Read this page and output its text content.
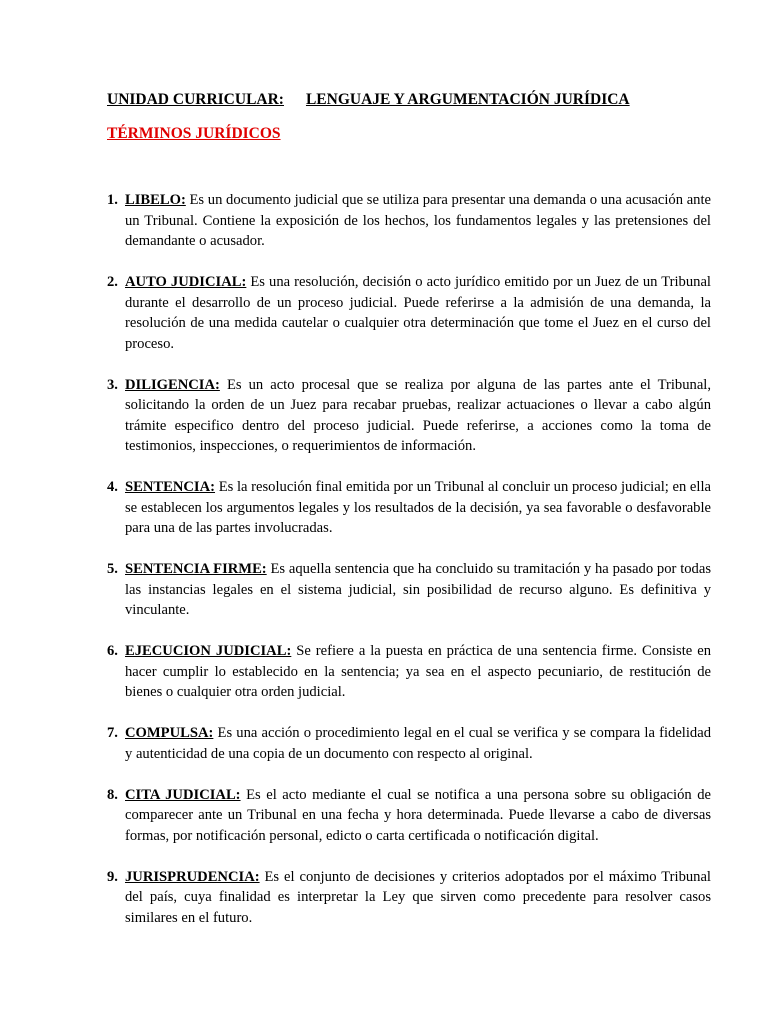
UNIDAD CURRICULAR: LENGUAJE Y ARGUMENTACIÓN JURÍDICA
TÉRMINOS JURÍDICOS
1. LIBELO: Es un documento judicial que se utiliza para presentar una demanda o una acusación ante un Tribunal. Contiene la exposición de los hechos, los fundamentos legales y las pretensiones del demandante o acusador.
2. AUTO JUDICIAL: Es una resolución, decisión o acto jurídico emitido por un Juez de un Tribunal durante el desarrollo de un proceso judicial. Puede referirse a la admisión de una demanda, la resolución de una medida cautelar o cualquier otra determinación que tome el Juez en el curso del proceso.
3. DILIGENCIA: Es un acto procesal que se realiza por alguna de las partes ante el Tribunal, solicitando la orden de un Juez para recabar pruebas, realizar actuaciones o llevar a cabo algún trámite especifico dentro del proceso judicial. Puede referirse, a acciones como la toma de testimonios, inspecciones, o requerimientos de información.
4. SENTENCIA: Es la resolución final emitida por un Tribunal al concluir un proceso judicial; en ella se establecen los argumentos legales y los resultados de la decisión, ya sea favorable o desfavorable para una de las partes involucradas.
5. SENTENCIA FIRME: Es aquella sentencia que ha concluido su tramitación y ha pasado por todas las instancias legales en el sistema judicial, sin posibilidad de recurso alguno. Es definitiva y vinculante.
6. EJECUCION JUDICIAL: Se refiere a la puesta en práctica de una sentencia firme. Consiste en hacer cumplir lo establecido en la sentencia; ya sea en el aspecto pecuniario, de restitución de bienes o cualquier otra orden judicial.
7. COMPULSA: Es una acción o procedimiento legal en el cual se verifica y se compara la fidelidad y autenticidad de una copia de un documento con respecto al original.
8. CITA JUDICIAL: Es el acto mediante el cual se notifica a una persona sobre su obligación de comparecer ante un Tribunal en una fecha y hora determinada. Puede llevarse a cabo de diversas formas, por notificación personal, edicto o carta certificada o notificación digital.
9. JURISPRUDENCIA: Es el conjunto de decisiones y criterios adoptados por el máximo Tribunal del país, cuya finalidad es interpretar la Ley que sirven como precedente para resolver casos similares en el futuro.
